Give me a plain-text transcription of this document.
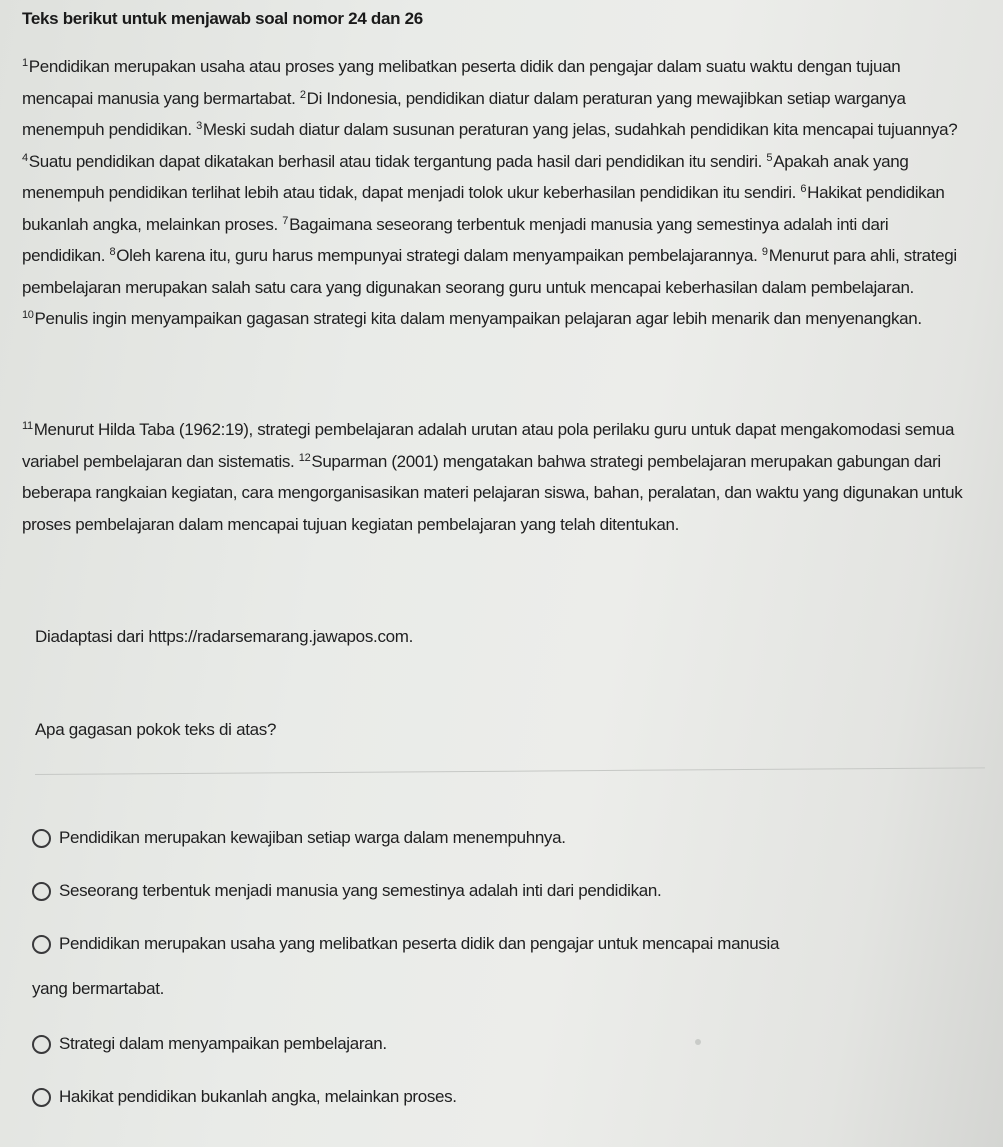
Teks berikut untuk menjawab soal nomor 24 dan 26

$^1$Pendidikan merupakan usaha atau proses yang melibatkan peserta didik dan pengajar dalam suatu waktu dengan tujuan mencapai manusia yang bermartabat. $^2$Di Indonesia, pendidikan diatur dalam peraturan yang mewajibkan setiap warganya menempuh pendidikan. $^3$Meski sudah diatur dalam susunan peraturan yang jelas, sudahkah pendidikan kita mencapai tujuannya? $^4$Suatu pendidikan dapat dikatakan berhasil atau tidak tergantung pada hasil dari pendidikan itu sendiri. $^5$Apakah anak yang menempuh pendidikan terlihat lebih atau tidak, dapat menjadi tolok ukur keberhasilan pendidikan itu sendiri. $^6$Hakikat pendidikan bukanlah angka, melainkan proses. $^7$Bagaimana seseorang terbentuk menjadi manusia yang semestinya adalah inti dari pendidikan. $^8$Oleh karena itu, guru harus mempunyai strategi dalam menyampaikan pembelajarannya. $^9$Menurut para ahli, strategi pembelajaran merupakan salah satu cara yang digunakan seorang guru untuk mencapai keberhasilan dalam pembelajaran. $^{10}$Penulis ingin menyampaikan gagasan strategi kita dalam menyampaikan pelajaran agar lebih menarik dan menyenangkan.

$^{11}$Menurut Hilda Taba (1962:19), strategi pembelajaran adalah urutan atau pola perilaku guru untuk dapat mengakomodasi semua variabel pembelajaran dan sistematis. $^{12}$Suparman (2001) mengatakan bahwa strategi pembelajaran merupakan gabungan dari beberapa rangkaian kegiatan, cara mengorganisasikan materi pelajaran siswa, bahan, peralatan, dan waktu yang digunakan untuk proses pembelajaran dalam mencapai tujuan kegiatan pembelajaran yang telah ditentukan.

Diadaptasi dari https://radarsemarang.jawapos.com.
Apa gagasan pokok teks di atas?
Pendidikan merupakan kewajiban setiap warga dalam menempuhnya.
Seseorang terbentuk menjadi manusia yang semestinya adalah inti dari pendidikan.
Pendidikan merupakan usaha yang melibatkan peserta didik dan pengajar untuk mencapai manusia
yang bermartabat.
Strategi dalam menyampaikan pembelajaran.
Hakikat pendidikan bukanlah angka, melainkan proses.
